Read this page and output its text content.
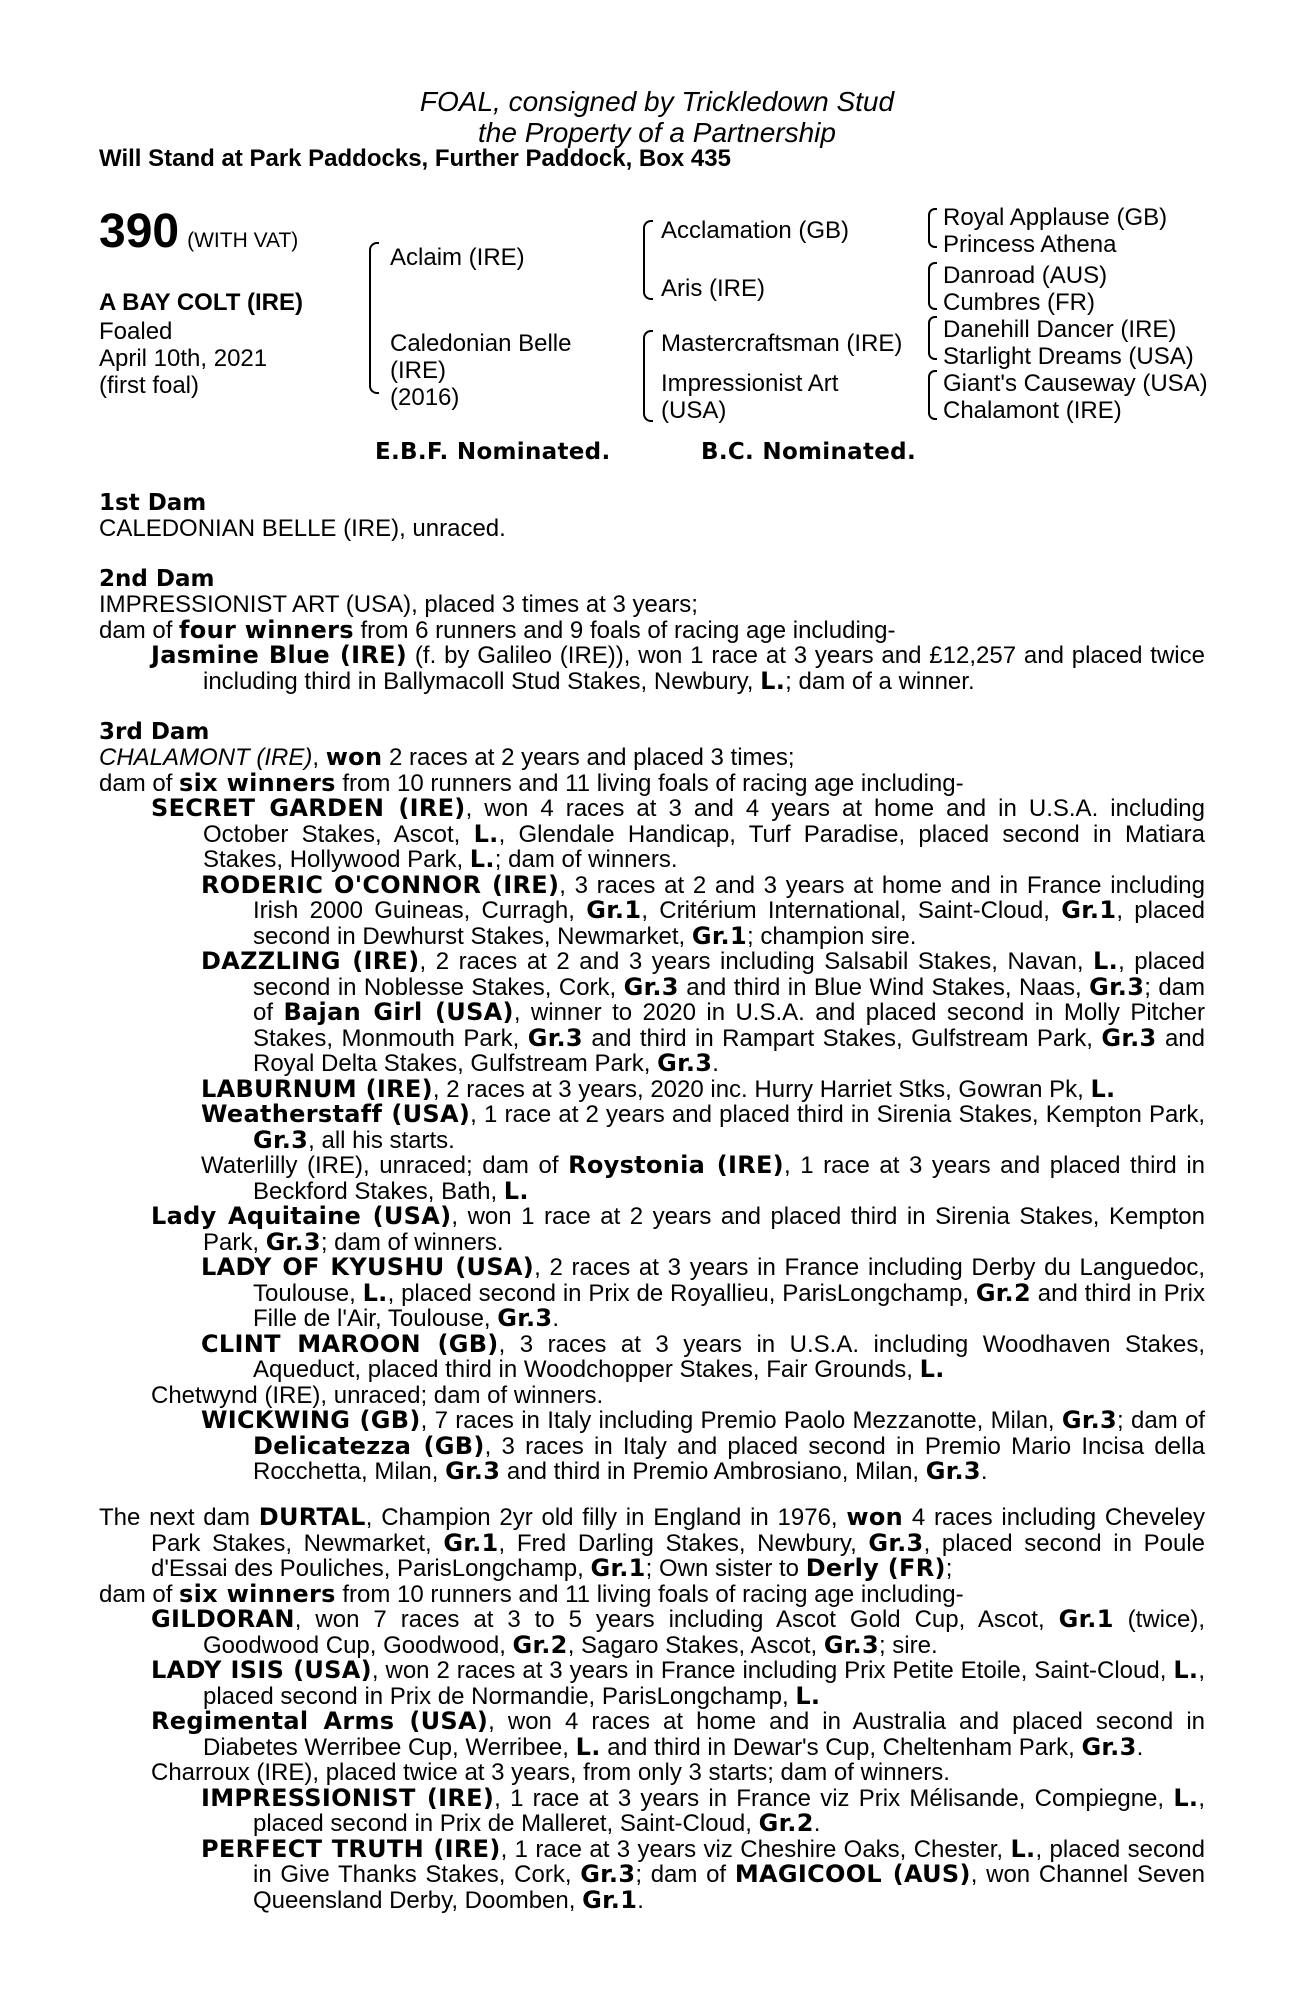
FOAL, consigned by Trickledown Stud
the Property of a Partnership
Will Stand at Park Paddocks, Further Paddock, Box 435
390 (WITH VAT)
A BAY COLT (IRE)
Foaled
April 10th, 2021
(first foal)
Aclaim (IRE)
Caledonian Belle
(IRE)
(2016)
Acclamation (GB)
Aris (IRE)
Mastercraftsman (IRE)
Impressionist Art
(USA)
Royal Applause (GB)
Princess Athena
Danroad (AUS)
Cumbres (FR)
Danehill Dancer (IRE)
Starlight Dreams (USA)
Giant's Causeway (USA)
Chalamont (IRE)
E.B.F. Nominated.	B.C. Nominated.
1st Dam

CALEDONIAN BELLE (IRE), unraced.

2nd Dam

IMPRESSIONIST ART (USA), placed 3 times at 3 years;

dam of four winners from 6 runners and 9 foals of racing age including-

Jasmine Blue (IRE) (f. by Galileo (IRE)), won 1 race at 3 years and £12,257 and placed twice including third in Ballymacoll Stud Stakes, Newbury, L.; dam of a winner.

3rd Dam

CHALAMONT (IRE), won 2 races at 2 years and placed 3 times;

dam of six winners from 10 runners and 11 living foals of racing age including-

SECRET GARDEN (IRE), won 4 races at 3 and 4 years at home and in U.S.A. including October Stakes, Ascot, L., Glendale Handicap, Turf Paradise, placed second in Matiara Stakes, Hollywood Park, L.; dam of winners.

RODERIC O'CONNOR (IRE), 3 races at 2 and 3 years at home and in France including Irish 2000 Guineas, Curragh, Gr.1, Critérium International, Saint-Cloud, Gr.1, placed second in Dewhurst Stakes, Newmarket, Gr.1; champion sire.

DAZZLING (IRE), 2 races at 2 and 3 years including Salsabil Stakes, Navan, L., placed second in Noblesse Stakes, Cork, Gr.3 and third in Blue Wind Stakes, Naas, Gr.3; dam of Bajan Girl (USA), winner to 2020 in U.S.A. and placed second in Molly Pitcher Stakes, Monmouth Park, Gr.3 and third in Rampart Stakes, Gulfstream Park, Gr.3 and Royal Delta Stakes, Gulfstream Park, Gr.3.

LABURNUM (IRE), 2 races at 3 years, 2020 inc. Hurry Harriet Stks, Gowran Pk, L.

Weatherstaff (USA), 1 race at 2 years and placed third in Sirenia Stakes, Kempton Park, Gr.3, all his starts.

Waterlilly (IRE), unraced; dam of Roystonia (IRE), 1 race at 3 years and placed third in Beckford Stakes, Bath, L.

Lady Aquitaine (USA), won 1 race at 2 years and placed third in Sirenia Stakes, Kempton Park, Gr.3; dam of winners.

LADY OF KYUSHU (USA), 2 races at 3 years in France including Derby du Languedoc, Toulouse, L., placed second in Prix de Royallieu, ParisLongchamp, Gr.2 and third in Prix Fille de l'Air, Toulouse, Gr.3.

CLINT MAROON (GB), 3 races at 3 years in U.S.A. including Woodhaven Stakes, Aqueduct, placed third in Woodchopper Stakes, Fair Grounds, L.

Chetwynd (IRE), unraced; dam of winners.

WICKWING (GB), 7 races in Italy including Premio Paolo Mezzanotte, Milan, Gr.3; dam of Delicatezza (GB), 3 races in Italy and placed second in Premio Mario Incisa della Rocchetta, Milan, Gr.3 and third in Premio Ambrosiano, Milan, Gr.3.

The next dam DURTAL, Champion 2yr old filly in England in 1976, won 4 races including Cheveley Park Stakes, Newmarket, Gr.1, Fred Darling Stakes, Newbury, Gr.3, placed second in Poule d'Essai des Pouliches, ParisLongchamp, Gr.1; Own sister to Derly (FR);

dam of six winners from 10 runners and 11 living foals of racing age including-

GILDORAN, won 7 races at 3 to 5 years including Ascot Gold Cup, Ascot, Gr.1 (twice), Goodwood Cup, Goodwood, Gr.2, Sagaro Stakes, Ascot, Gr.3; sire.

LADY ISIS (USA), won 2 races at 3 years in France including Prix Petite Etoile, Saint-Cloud, L., placed second in Prix de Normandie, ParisLongchamp, L.

Regimental Arms (USA), won 4 races at home and in Australia and placed second in Diabetes Werribee Cup, Werribee, L. and third in Dewar's Cup, Cheltenham Park, Gr.3.

Charroux (IRE), placed twice at 3 years, from only 3 starts; dam of winners.

IMPRESSIONIST (IRE), 1 race at 3 years in France viz Prix Mélisande, Compiegne, L., placed second in Prix de Malleret, Saint-Cloud, Gr.2.

PERFECT TRUTH (IRE), 1 race at 3 years viz Cheshire Oaks, Chester, L., placed second in Give Thanks Stakes, Cork, Gr.3; dam of MAGICOOL (AUS), won Channel Seven Queensland Derby, Doomben, Gr.1.
